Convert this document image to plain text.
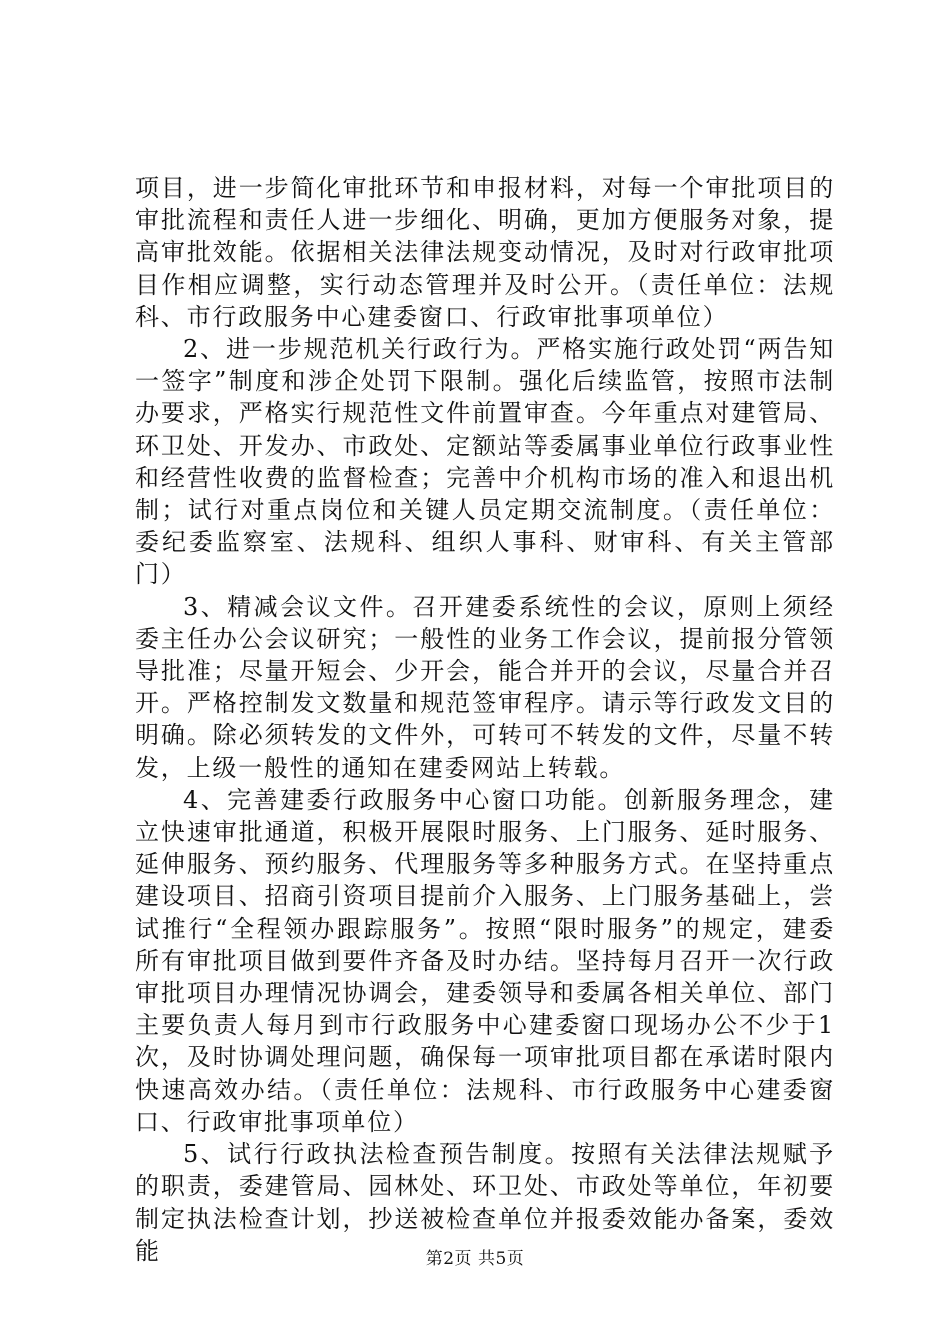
项目，进一步简化审批环节和申报材料，对每一个审批项目的审批流程和责任人进一步细化、明确，更加方便服务对象，提高审批效能。依据相关法律法规变动情况，及时对行政审批项目作相应调整，实行动态管理并及时公开。（责任单位：法规科、市行政服务中心建委窗口、行政审批事项单位）

2、进一步规范机关行政行为。严格实施行政处罚“两告知一签字”制度和涉企处罚下限制。强化后续监管，按照市法制办要求，严格实行规范性文件前置审查。今年重点对建管局、环卫处、开发办、市政处、定额站等委属事业单位行政事业性和经营性收费的监督检查；完善中介机构市场的准入和退出机制；试行对重点岗位和关键人员定期交流制度。（责任单位：委纪委监察室、法规科、组织人事科、财审科、有关主管部门）

3、精减会议文件。召开建委系统性的会议，原则上须经委主任办公会议研究；一般性的业务工作会议，提前报分管领导批准；尽量开短会、少开会，能合并开的会议，尽量合并召开。严格控制发文数量和规范签审程序。请示等行政发文目的明确。除必须转发的文件外，可转可不转发的文件，尽量不转发，上级一般性的通知在建委网站上转载。

4、完善建委行政服务中心窗口功能。创新服务理念，建立快速审批通道，积极开展限时服务、上门服务、延时服务、延伸服务、预约服务、代理服务等多种服务方式。在坚持重点建设项目、招商引资项目提前介入服务、上门服务基础上，尝试推行“全程领办跟踪服务”。按照“限时服务”的规定，建委所有审批项目做到要件齐备及时办结。坚持每月召开一次行政审批项目办理情况协调会，建委领导和委属各相关单位、部门主要负责人每月到市行政服务中心建委窗口现场办公不少于1次，及时协调处理问题，确保每一项审批项目都在承诺时限内快速高效办结。（责任单位：法规科、市行政服务中心建委窗口、行政审批事项单位）

5、试行行政执法检查预告制度。按照有关法律法规赋予的职责，委建管局、园林处、环卫处、市政处等单位，年初要制定执法检查计划，抄送被检查单位并报委效能办备案，委效能	第2页 共5页
